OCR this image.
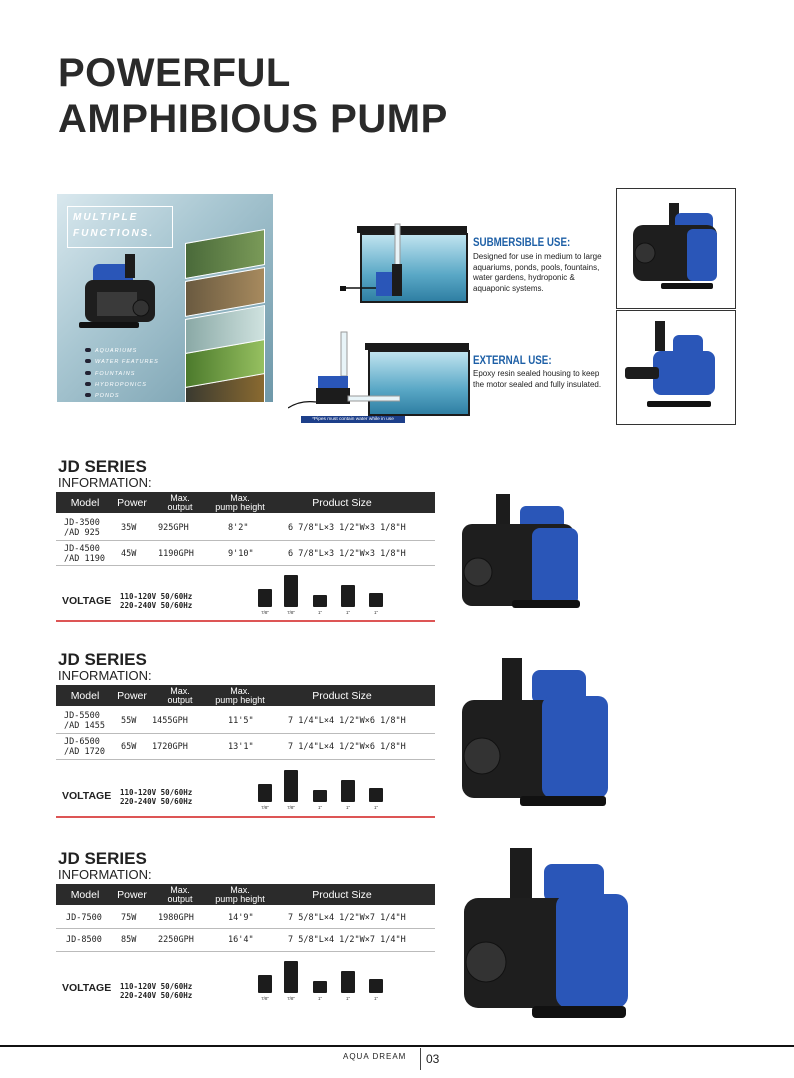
POWERFUL
AMPHIBIOUS PUMP
MULTIPLE
FUNCTIONS.
AQUARIUMS
WATER FEATURES
FOUNTAINS
HYDROPONICS
PONDS
SUBMERSIBLE USE:
Designed for use in medium to large aquariums, ponds, pools, fountains, water gardens, hydroponic & aquaponic systems.
*Pipes must contain water while in use
EXTERNAL USE:
Epoxy resin sealed housing to keep the motor sealed and fully insulated.
JD SERIES
INFORMATION:
Model	Power	Max.
output
Max.
pump height	Product Size
JD-3500
/AD 925 35W	925GPH	8'2"	6 7/8"L×3 1/2"W×3 1/8"H
JD-4500
/AD 1190 45W	1190GPH	9'10"	6 7/8"L×3 1/2"W×3 1/8"H
VOLTAGE 110-120V 50/60Hz
220-240V 50/60Hz
7/8"	7/8"	1"	1"	1"
JD SERIES
INFORMATION:
Model	Power	Max.
output
Max.
pump height	Product Size
JD-5500
/AD 1455 55W 1455GPH	11'5"	7 1/4"L×4 1/2"W×6 1/8"H
JD-6500
/AD 1720 65W 1720GPH	13'1"	7 1/4"L×4 1/2"W×6 1/8"H
VOLTAGE 110-120V 50/60Hz
220-240V 50/60Hz
7/8"	7/8"	1"	1"	1"
JD SERIES
INFORMATION:
Model	Power	Max.
output
Max.
pump height	Product Size
JD-7500 75W	1980GPH	14'9"	7 5/8"L×4 1/2"W×7 1/4"H
JD-8500 85W	2250GPH	16'4"	7 5/8"L×4 1/2"W×7 1/4"H
VOLTAGE 110-120V 50/60Hz
220-240V 50/60Hz	7/8"	7/8"	1"	1"	1"
AQUA DREAM 03
